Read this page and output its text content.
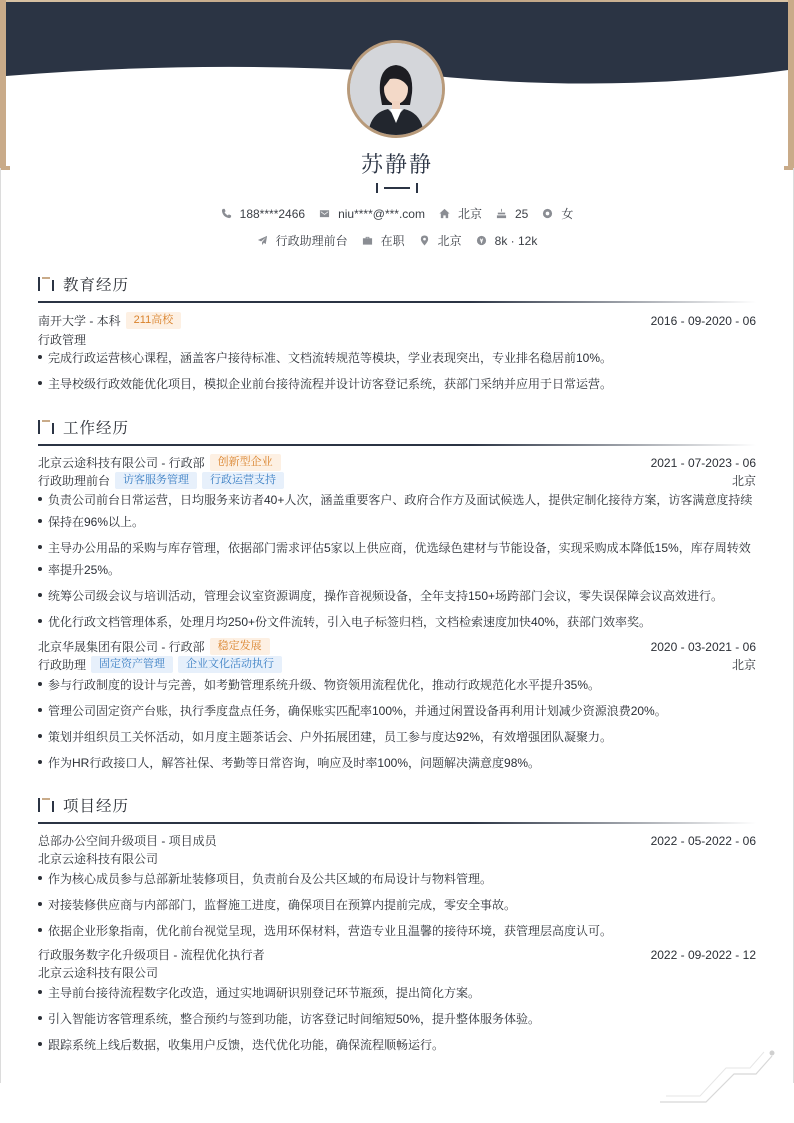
苏静静
188****2466	niu****@***.com	北京	25	女
行政助理前台	在职	北京	8k · 12k
教育经历
南开大学 - 本科	211高校	2016 - 09-2020 - 06
行政管理
完成行政运营核心课程，涵盖客户接待标准、文档流转规范等模块，学业表现突出，专业排名稳居前10%。
主导校级行政效能优化项目，模拟企业前台接待流程并设计访客登记系统，获部门采纳并应用于日常运营。
工作经历
北京云途科技有限公司 - 行政部	创新型企业	2021 - 07-2023 - 06
行政助理前台	访客服务管理	行政运营支持	北京
负责公司前台日常运营，日均服务来访者40+人次，涵盖重要客户、政府合作方及面试候选人，提供定制化接待方案，访客满意度持续
保持在96%以上。
主导办公用品的采购与库存管理，依据部门需求评估5家以上供应商，优选绿色建材与节能设备，实现采购成本降低15%，库存周转效
率提升25%。
统筹公司级会议与培训活动，管理会议室资源调度，操作音视频设备，全年支持150+场跨部门会议，零失误保障会议高效进行。
优化行政文档管理体系，处理月均250+份文件流转，引入电子标签归档，文档检索速度加快40%，获部门效率奖。
北京华晟集团有限公司 - 行政部	稳定发展	2020 - 03-2021 - 06
行政助理	固定资产管理	企业文化活动执行	北京
参与行政制度的设计与完善，如考勤管理系统升级、物资领用流程优化，推动行政规范化水平提升35%。
管理公司固定资产台账，执行季度盘点任务，确保账实匹配率100%，并通过闲置设备再利用计划减少资源浪费20%。
策划并组织员工关怀活动，如月度主题茶话会、户外拓展团建，员工参与度达92%，有效增强团队凝聚力。
作为HR行政接口人，解答社保、考勤等日常咨询，响应及时率100%，问题解决满意度98%。
项目经历
总部办公空间升级项目 - 项目成员	2022 - 05-2022 - 06
北京云途科技有限公司
作为核心成员参与总部新址装修项目，负责前台及公共区域的布局设计与物料管理。
对接装修供应商与内部部门，监督施工进度，确保项目在预算内提前完成，零安全事故。
依据企业形象指南，优化前台视觉呈现，选用环保材料，营造专业且温馨的接待环境，获管理层高度认可。
行政服务数字化升级项目 - 流程优化执行者	2022 - 09-2022 - 12
北京云途科技有限公司
主导前台接待流程数字化改造，通过实地调研识别登记环节瓶颈，提出简化方案。
引入智能访客管理系统，整合预约与签到功能，访客登记时间缩短50%，提升整体服务体验。
跟踪系统上线后数据，收集用户反馈，迭代优化功能，确保流程顺畅运行。
